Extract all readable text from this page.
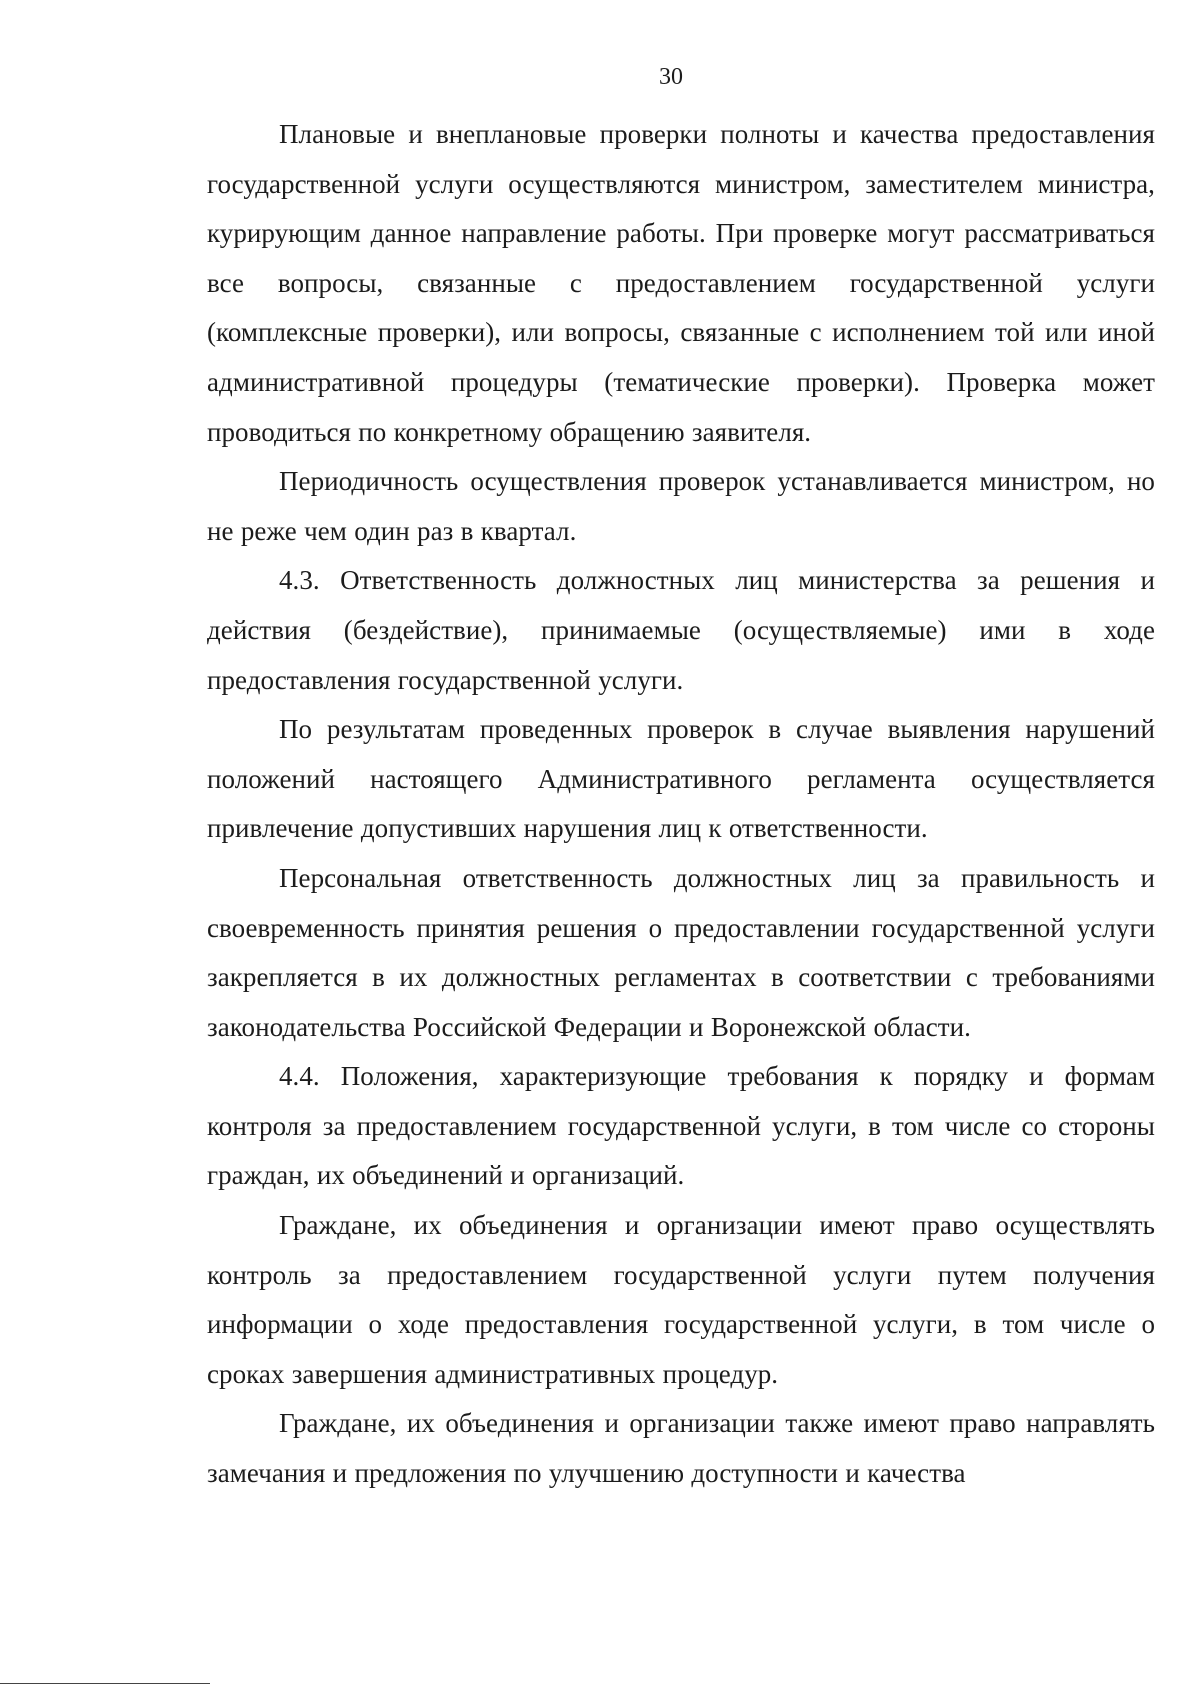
30

Плановые и внеплановые проверки полноты и качества предоставления государственной услуги осуществляются министром, заместителем министра, курирующим данное направление работы. При проверке могут рассматриваться все вопросы, связанные с предоставлением государственной услуги (комплексные проверки), или вопросы, связанные с исполнением той или иной административной процедуры (тематические проверки). Проверка может проводиться по конкретному обращению заявителя.

Периодичность осуществления проверок устанавливается министром, но не реже чем один раз в квартал.

4.3. Ответственность должностных лиц министерства за решения и действия (бездействие), принимаемые (осуществляемые) ими в ходе предоставления государственной услуги.

По результатам проведенных проверок в случае выявления нарушений положений настоящего Административного регламента осуществляется привлечение допустивших нарушения лиц к ответственности.

Персональная ответственность должностных лиц за правильность и своевременность принятия решения о предоставлении государственной услуги закрепляется в их должностных регламентах в соответствии с требованиями законодательства Российской Федерации и Воронежской области.

4.4. Положения, характеризующие требования к порядку и формам контроля за предоставлением государственной услуги, в том числе со стороны граждан, их объединений и организаций.

Граждане, их объединения и организации имеют право осуществлять контроль за предоставлением государственной услуги путем получения информации о ходе предоставления государственной услуги, в том числе о сроках завершения административных процедур.

Граждане, их объединения и организации также имеют право направлять замечания и предложения по улучшению доступности и качества
